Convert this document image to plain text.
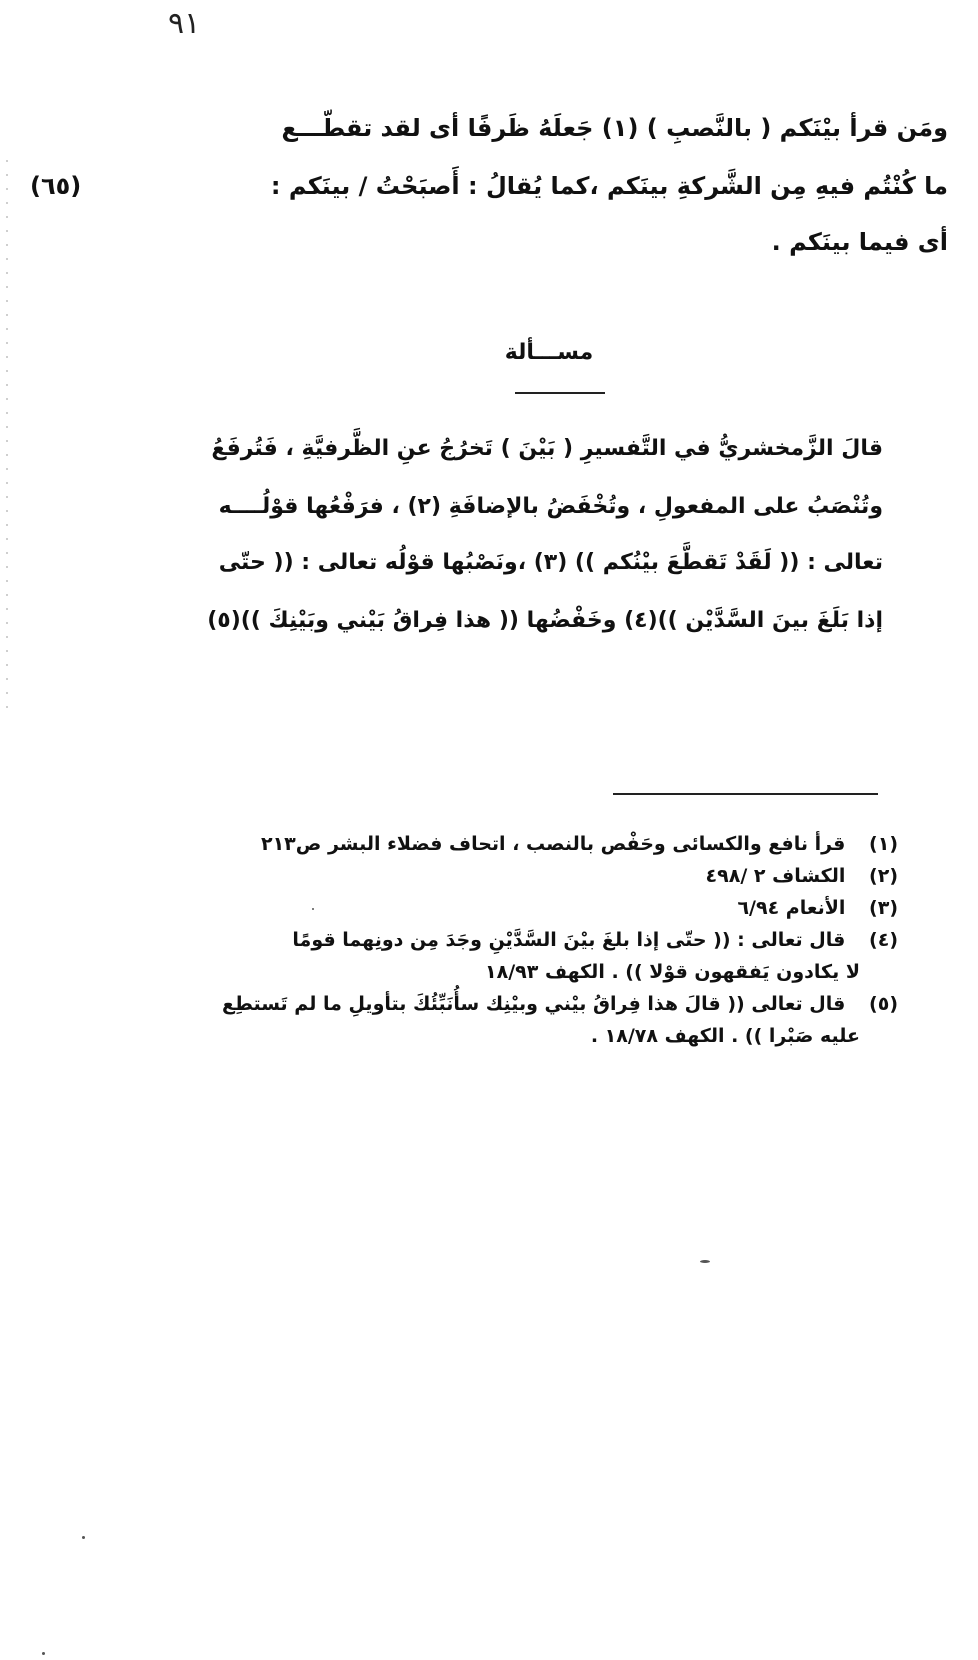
٩١
ومَن قرأ بيْنَكم ( بالنَّصبِ ) (١) جَعلَهُ ظَرفًا أى لقد تقطّـــع
ما كُنْتُم فيهِ مِن الشَّركةِ بينَكم ،كما يُقالُ : أَصبَحْتُ / بينَكم :
(٦٥)
أى فيما بينَكم .
مســـألة
قالَ الزَّمخشريُّ في التَّفسيرِ ( بَيْنَ ) تَخرُجُ عنِ الظَّرفيَّةِ ، فَتُرفَعُ
وتُنْصَبُ على المفعولِ ، وتُخْفَضُ بالإضافَةِ (٢) ، فرَفْعُها قوْلُــــه
تعالى : (( لَقَدْ تَقطَّعَ بيْنُكم )) (٣) ،ونَصْبُها قوْلُه تعالى : (( حتّى
إذا بَلَغَ بينَ السَّدَّيْن ))(٤) وخَفْضُها (( هذا فِراقُ بَيْني وبَيْنِكَ ))(٥)
(١) قرأ نافع والكسائى وحَفْص بالنصب ، اتحاف فضلاء البشر ص٢١٣
(٢) الكشاف ٢ /٤٩٨
(٣) الأنعام ٦/٩٤
(٤) قال تعالى : (( حتّى إذا بلغَ بيْنَ السَّدَّيْنِ وجَدَ مِن دونِهما قومًا
لا يكادون يَفقهون قوْلا )) . الكهف ١٨/٩٣
(٥) قال تعالى (( قالَ هذا فِراقُ بيْني وبيْنِك سأُنَبِّئُكَ بتأويلِ ما لم تَستطِع
عليه صَبْرا )) . الكهف ١٨/٧٨ .
